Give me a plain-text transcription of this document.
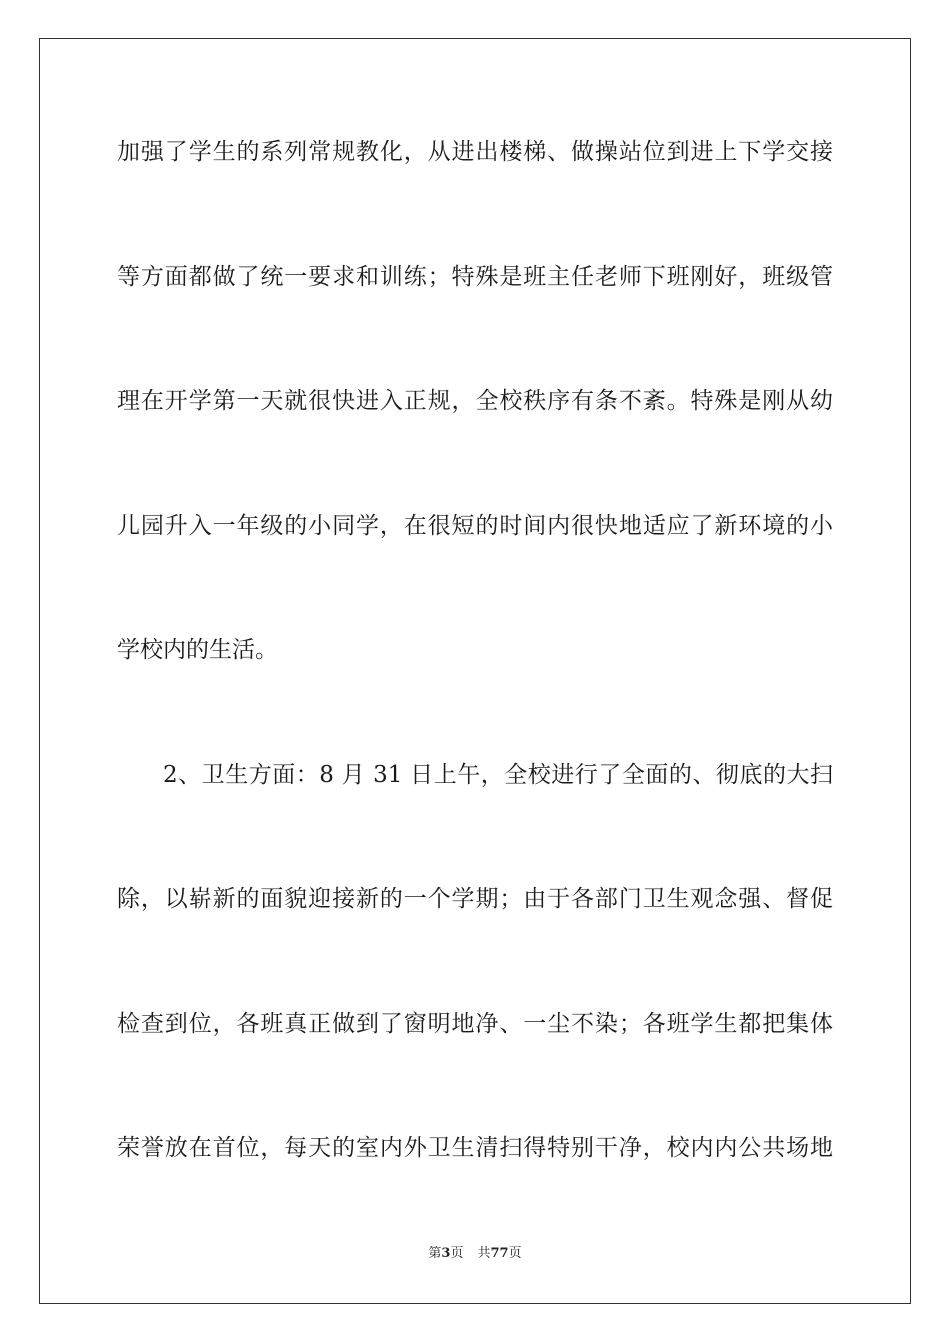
加强了学生的系列常规教化，从进出楼梯、做操站位到进上下学交接
等方面都做了统一要求和训练；特殊是班主任老师下班刚好，班级管
理在开学第一天就很快进入正规，全校秩序有条不紊。特殊是刚从幼
儿园升入一年级的小同学，在很短的时间内很快地适应了新环境的小
学校内的生活。
2、卫生方面：8 月 31 日上午，全校进行了全面的、彻底的大扫
除，以崭新的面貌迎接新的一个学期；由于各部门卫生观念强、督促
检查到位，各班真正做到了窗明地净、一尘不染；各班学生都把集体
荣誉放在首位，每天的室内外卫生清扫得特别干净，校内内公共场地
第3页 共77页
